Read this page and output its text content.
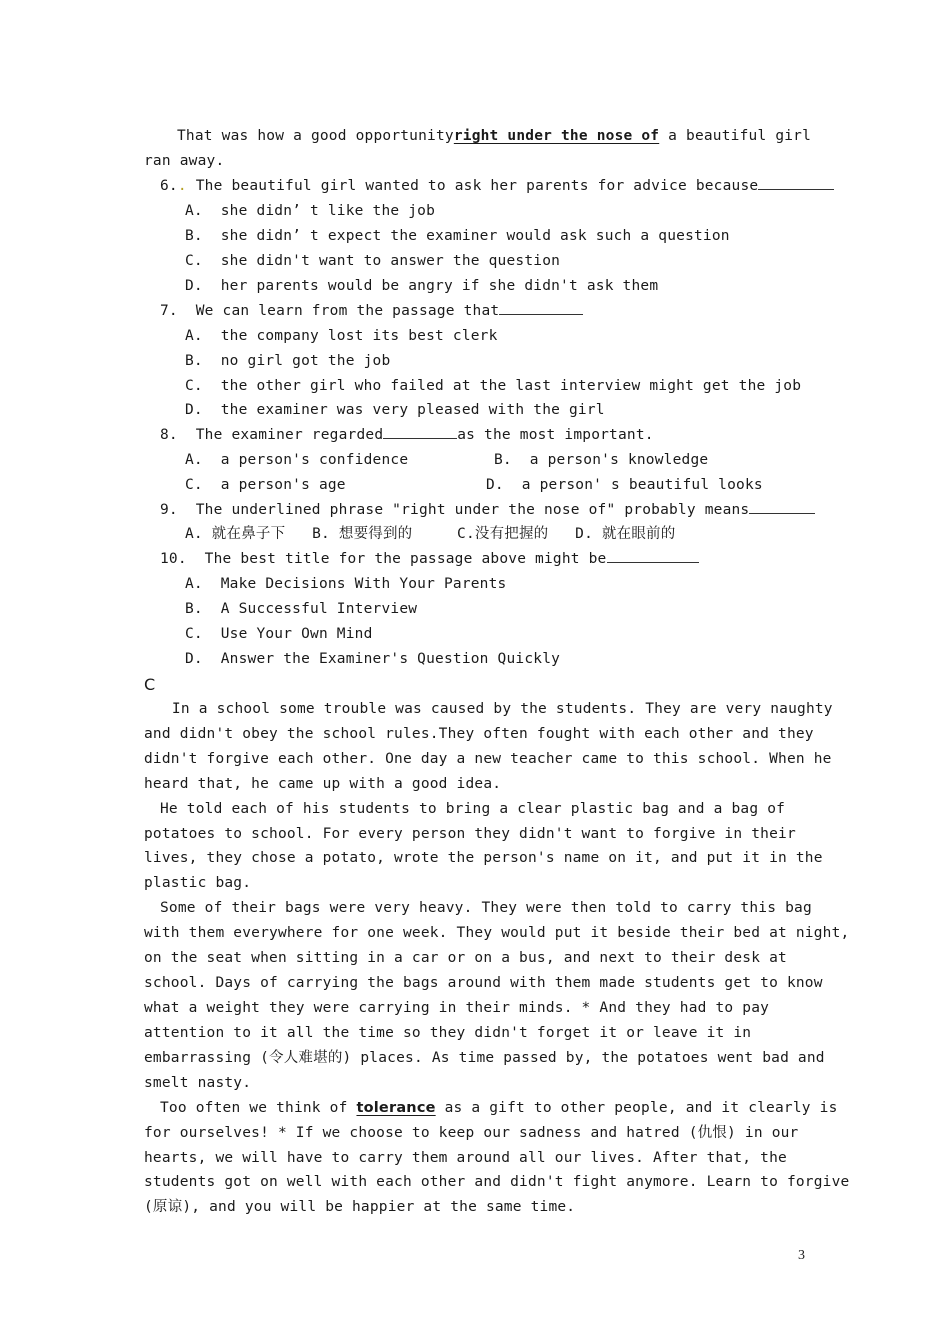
That was how a good opportunityright under the nose of a beautiful girl
ran away.
6.. The beautiful girl wanted to ask her parents for advice because
A.  she didn’ t like the job
B.  she didn’ t expect the examiner would ask such a question
C.  she didn't want to answer the question
D.  her parents would be angry if she didn't ask them
7.  We can learn from the passage that
A.  the company lost its best clerk
B.  no girl got the job
C.  the other girl who failed at the last interview might get the job
D.  the examiner was very pleased with the girl
8.  The examiner regarded	as the most important.
A.  a person's confidence	B.  a person's knowledge
C.  a person's age	D.  a person' s beautiful looks
9.  The underlined phrase "right under the nose of" probably means
A. 就在鼻子下   B. 想要得到的     C.没有把握的   D. 就在眼前的
10.  The best title for the passage above might be
A.  Make Decisions With Your Parents
B.  A Successful Interview
C.  Use Your Own Mind
D.  Answer the Examiner's Question Quickly
C
In a school some trouble was caused by the students. They are very naughty
and didn't obey the school rules.They often fought with each other and they
didn't forgive each other. One day a new teacher came to this school. When he
heard that, he came up with a good idea.
He told each of his students to bring a clear plastic bag and a bag of
potatoes to school. For every person they didn't want to forgive in their
lives, they chose a potato, wrote the person's name on it, and put it in the
plastic bag.
Some of their bags were very heavy. They were then told to carry this bag
with them everywhere for one week. They would put it beside their bed at night,
on the seat when sitting in a car or on a bus, and next to their desk at
school. Days of carrying the bags around with them made students get to know
what a weight they were carrying in their minds. * And they had to pay
attention to it all the time so they didn't forget it or leave it in
embarrassing (令人难堪的) places. As time passed by, the potatoes went bad and
smelt nasty.
Too often we think of tolerance as a gift to other people, and it clearly is
for ourselves! * If we choose to keep our sadness and hatred (仇恨) in our
hearts, we will have to carry them around all our lives. After that, the
students got on well with each other and didn't fight anymore. Learn to forgive
(原谅), and you will be happier at the same time.
3
